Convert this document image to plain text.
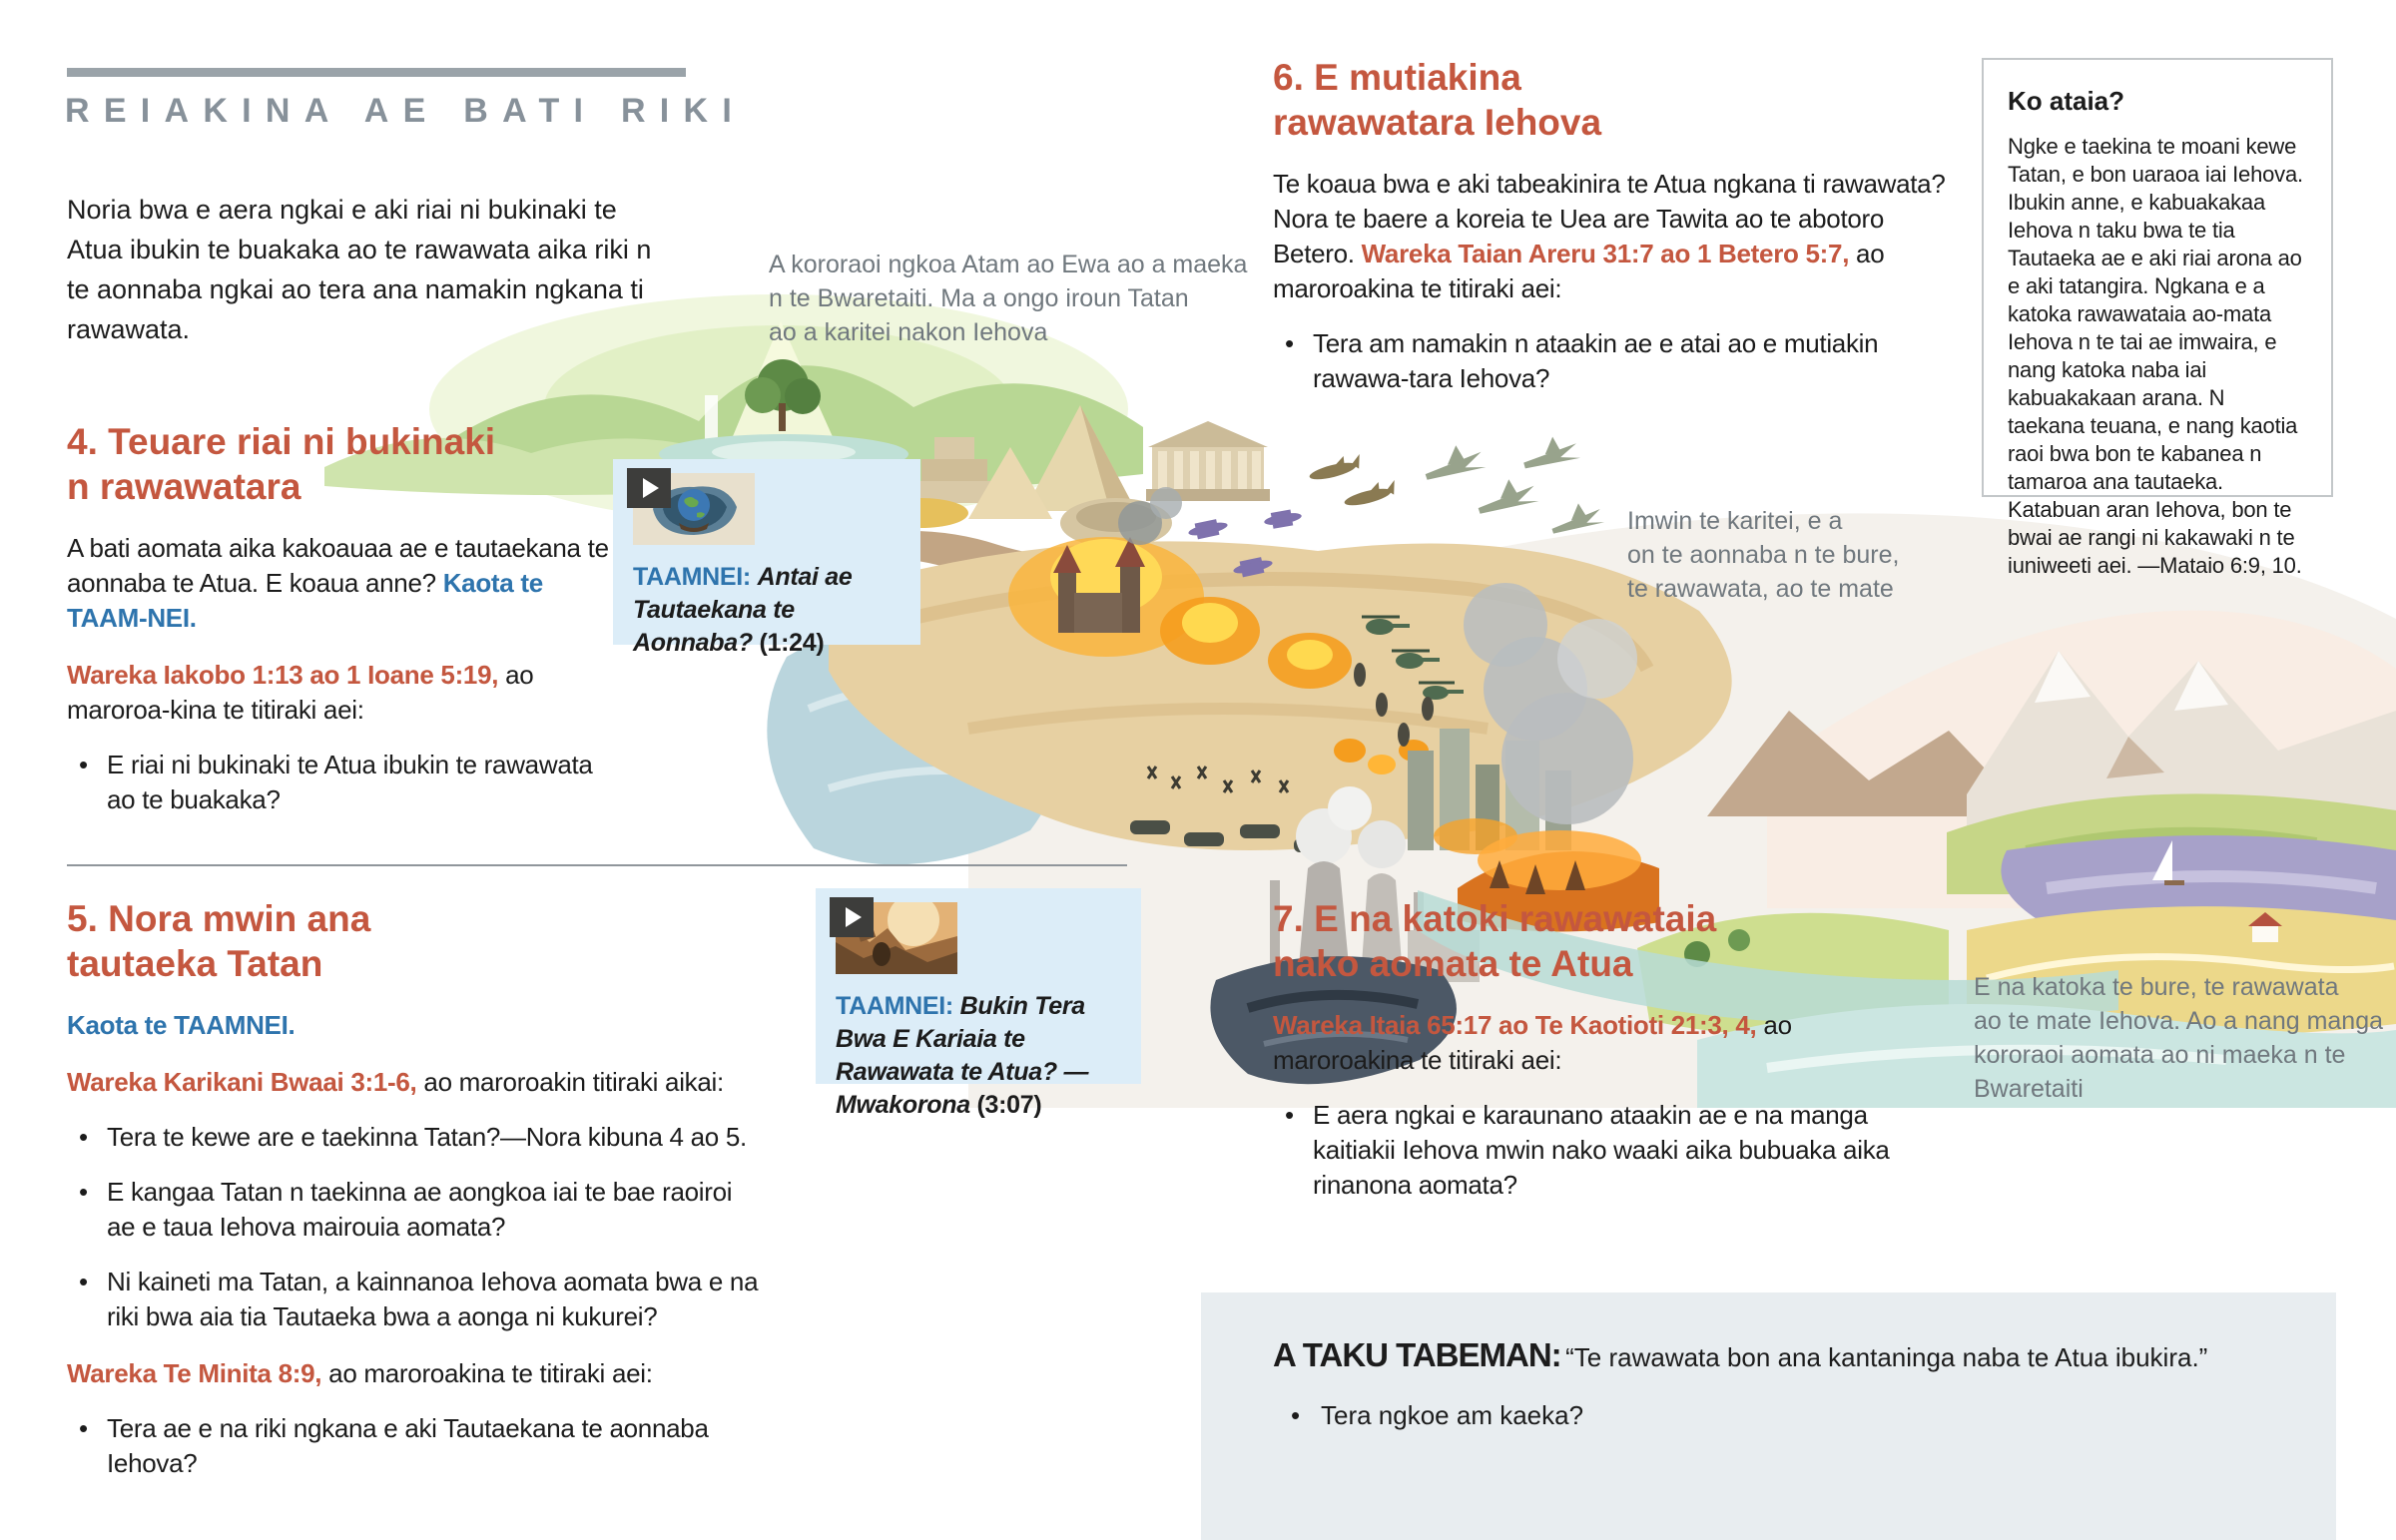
REIAKINA AE BATI RIKI
Noria bwa e aera ngkai e aki riai ni bukinaki te Atua ibukin te buakaka ao te rawawata aika riki n te aonnaba ngkai ao tera ana namakin ngkana ti rawawata.
A kororaoi ngkoa Atam ao Ewa ao a maeka
n te Bwaretaiti. Ma a ongo iroun Tatan
ao a karitei nakon Iehova
4. Teuare riai ni bukinaki
n rawawatara
A bati aomata aika kakoauaa ae e tautaekana te aonnaba te Atua. E koaua anne? Kaota te TAAM-NEI.
Wareka Iakobo 1:13 ao 1 Ioane 5:19, ao maroroa-kina te titiraki aei:
• E riai ni bukinaki te Atua ibukin te rawawata ao te buakaka?
TAAMNEI: Antai ae Tautaekana te Aonnaba? (1:24)
5. Nora mwin ana
tautaeka Tatan
Kaota te TAAMNEI.
Wareka Karikani Bwaai 3:1-6, ao maroroakin titiraki aikai:
• Tera te kewe are e taekinna Tatan?—Nora kibuna 4 ao 5.
• E kangaa Tatan n taekinna ae aongkoa iai te bae raoiroi ae e taua Iehova mairouia aomata?
• Ni kaineti ma Tatan, a kainnanoa Iehova aomata bwa e na riki bwa aia tia Tautaeka bwa a aonga ni kukurei?
Wareka Te Minita 8:9, ao maroroakina te titiraki aei:
• Tera ae e na riki ngkana e aki Tautaekana te aonnaba Iehova?
TAAMNEI: Bukin Tera Bwa E Kariaia te Rawawata te Atua? —Mwakorona (3:07)
6. E mutiakina
rawawatara Iehova
Te koaua bwa e aki tabeakinira te Atua ngkana ti rawawata? Nora te baere a koreia te Uea are Tawita ao te abotoro Betero. Wareka Taian Areru 31:7 ao 1 Betero 5:7, ao maroroakina te titiraki aei:
• Tera am namakin n ataakin ae e atai ao e mutiakin rawawa-tara Iehova?
Ko ataia?
Ngke e taekina te moani kewe Tatan, e bon uaraoa iai Iehova. Ibukin anne, e kabuakakaa Iehova n taku bwa te tia Tautaeka ae e aki riai arona ao e aki tatangira. Ngkana e a katoka rawawataia ao-mata Iehova n te tai ae imwaira, e nang katoka naba iai kabuakakaan arana. N taekana teuana, e nang kaotia raoi bwa bon te kabanea n tamaroa ana tautaeka. Katabuan aran Iehova, bon te bwai ae rangi ni kakawaki n te iuniweeti aei. —Mataio 6:9, 10.
Imwin te karitei, e a
on te aonnaba n te bure,
te rawawata, ao te mate
7. E na katoki rawawataia
nako aomata te Atua
Wareka Itaia 65:17 ao Te Kaotioti 21:3, 4, ao maroroakina te titiraki aei:
• E aera ngkai e karaunano ataakin ae e na manga kaitiakii Iehova mwin nako waaki aika bubuaka aika rinanona aomata?
E na katoka te bure, te rawawata
ao te mate Iehova. Ao a nang manga
kororaoi aomata ao ni maeka n te
Bwaretaiti
A TAKU TABEMAN: “Te rawawata bon ana kantaninga naba te Atua ibukira.”
• Tera ngkoe am kaeka?
